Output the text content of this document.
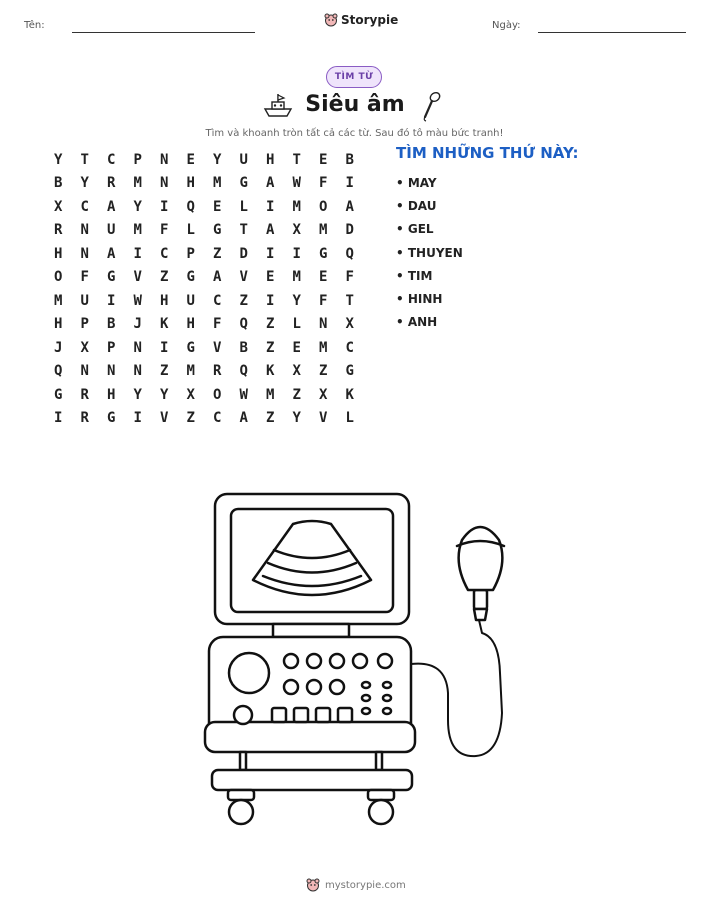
Tên:	Storypie	Ngày:
TÌM TỪ
Siêu âm
Tìm và khoanh tròn tất cả các từ. Sau đó tô màu bức tranh!
Y	T	C	P	N	E	Y	U	H	T	E	B
B	Y	R	M	N	H	M	G	A	W	F	I
X	C	A	Y	I	Q	E	L	I	M	O	A
R	N	U	M	F	L	G	T	A	X	M	D
H	N	A	I	C	P	Z	D	I	I	G	Q
O	F	G	V	Z	G	A	V	E	M	E	F
M	U	I	W	H	U	C	Z	I	Y	F	T
H	P	B	J	K	H	F	Q	Z	L	N	X
J	X	P	N	I	G	V	B	Z	E	M	C
Q	N	N	N	Z	M	R	Q	K	X	Z	G
G	R	H	Y	Y	X	O	W	M	Z	X	K
I	R	G	I	V	Z	C	A	Z	Y	V	L
TÌM NHỮNG THỨ NÀY:
• MAY
• DAU
• GEL
• THUYEN
• TIM
• HINH
• ANH
mystorypie.com
